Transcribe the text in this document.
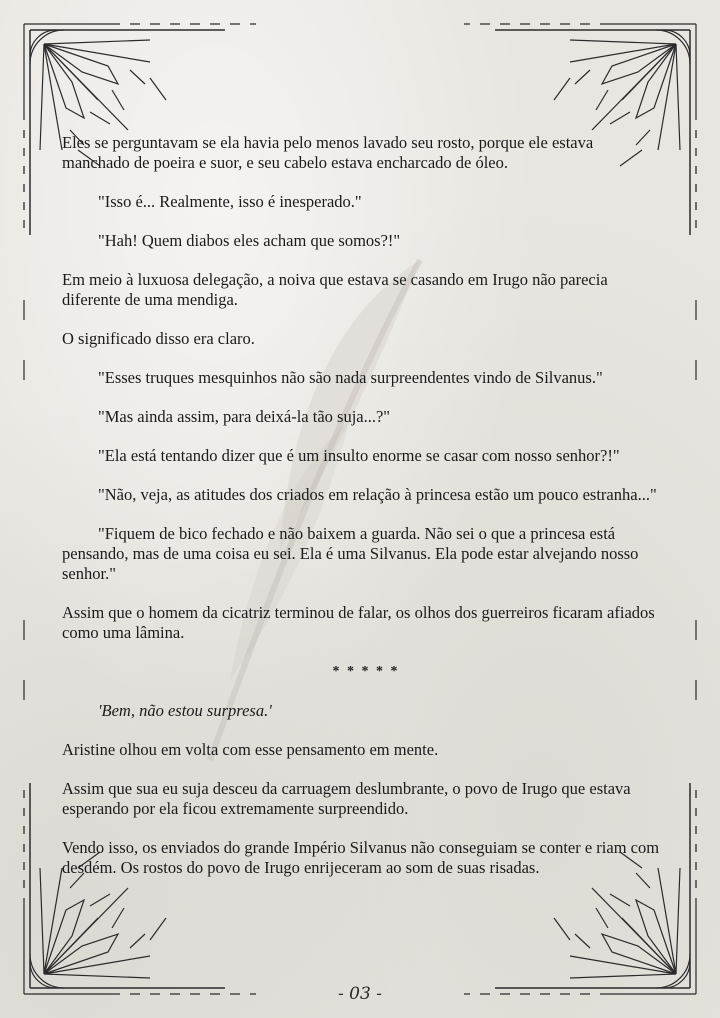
Eles se perguntavam se ela havia pelo menos lavado seu rosto, porque ele estava manchado de poeira e suor, e seu cabelo estava encharcado de óleo.

"Isso é... Realmente, isso é inesperado."

"Hah! Quem diabos eles acham que somos?!"

Em meio à luxuosa delegação, a noiva que estava se casando em Irugo não parecia diferente de uma mendiga.

O significado disso era claro.

"Esses truques mesquinhos não são nada surpreendentes vindo de Silvanus."

"Mas ainda assim, para deixá-la tão suja...?"

"Ela está tentando dizer que é um insulto enorme se casar com nosso senhor?!"

"Não, veja, as atitudes dos criados em relação à princesa estão um pouco estranha..."

"Fiquem de bico fechado e não baixem a guarda. Não sei o que a princesa está pensando, mas de uma coisa eu sei. Ela é uma Silvanus. Ela pode estar alvejando nosso senhor."

Assim que o homem da cicatriz terminou de falar, os olhos dos guerreiros ficaram afiados como uma lâmina.

* * * * *

'Bem, não estou surpresa.'

Aristine olhou em volta com esse pensamento em mente.

Assim que sua eu suja desceu da carruagem deslumbrante, o povo de Irugo que estava esperando por ela ficou extremamente surpreendido.

Vendo isso, os enviados do grande Império Silvanus não conseguiam se conter e riam com desdém. Os rostos do povo de Irugo enrijeceram ao som de suas risadas.

- 03 -
